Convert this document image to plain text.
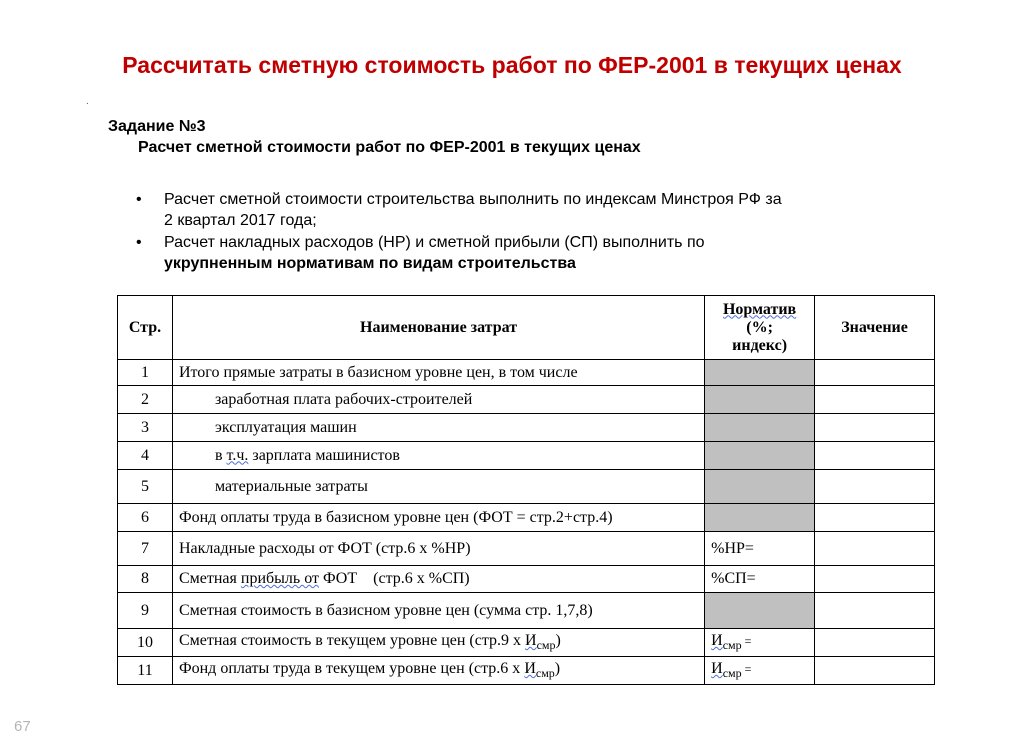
Рассчитать сметную стоимость работ по ФЕР-2001 в текущих ценах
.
Задание №3
Расчет сметной стоимости работ по ФЕР-2001 в текущих ценах
• Расчет сметной стоимости строительства выполнить по индексам Минстроя РФ за
2 квартал 2017 года;
• Расчет накладных расходов (НР) и сметной прибыли (СП) выполнить по
укрупненным нормативам по видам строительства
Стр.	Наименование затрат	Норматив
(%;
индекс)	Значение
1	Итого прямые затраты в базисном уровне цен, в том числе		
2	заработная плата рабочих-строителей		
3	эксплуатация машин		
4	в т.ч. зарплата машинистов		
5	материальные затраты		
6	Фонд оплаты труда в базисном уровне цен (ФОТ = стр.2+стр.4)		
7	Накладные расходы от ФОТ (стр.6 х %НР)	%НР=	
8	Сметная прибыль от ФОТ    (стр.6 х %СП)	%СП=	
9	Сметная стоимость в базисном уровне цен (сумма стр. 1,7,8)		
10	Сметная стоимость в текущем уровне цен (стр.9 х $И_{смр}$)	$И_{смр}$ =	
11	Фонд оплаты труда в текущем уровне цен (стр.6 х $И_{смр}$)	$И_{смр}$ =	
67
